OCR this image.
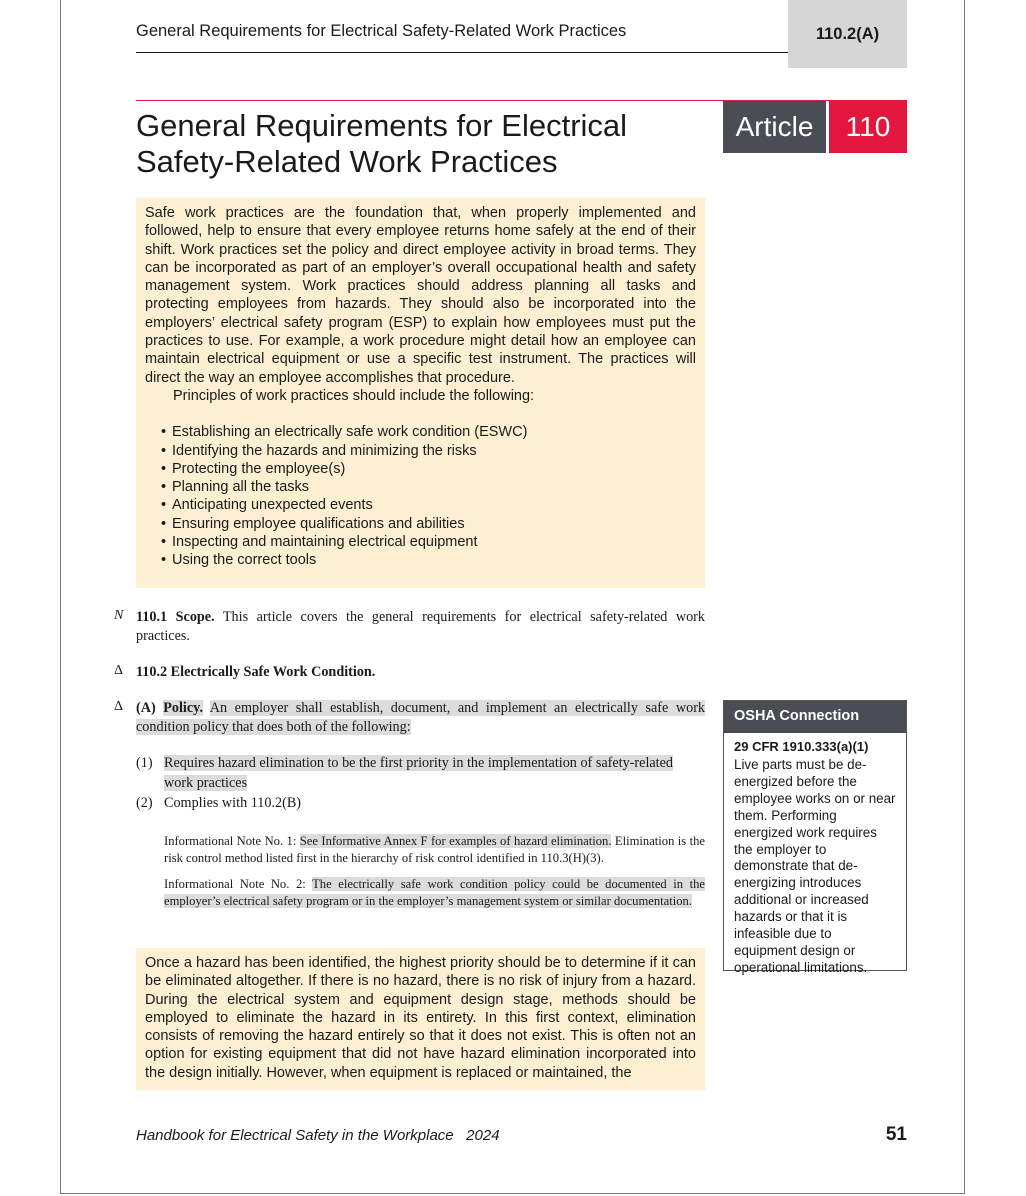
General Requirements for Electrical Safety-Related Work Practices	110.2(A)
General Requirements for Electrical
Safety-Related Work Practices
Article	110

Safe work practices are the foundation that, when properly implemented and followed, help to ensure that every employee returns home safely at the end of their shift. Work practices set the policy and direct employee activity in broad terms. They can be incorporated as part of an employer’s overall occupational health and safety management system. Work practices should address planning all tasks and protecting employees from hazards. They should also be incorporated into the employers’ electrical safety program (ESP) to explain how employees must put the practices to use. For example, a work procedure might detail how an employee can maintain electrical equipment or use a specific test instrument. The practices will direct the way an employee accomplishes that procedure.

Principles of work practices should include the following:

• Establishing an electrically safe work condition (ESWC)
• Identifying the hazards and minimizing the risks
• Protecting the employee(s)
• Planning all the tasks
• Anticipating unexpected events
• Ensuring employee qualifications and abilities
• Inspecting and maintaining electrical equipment
• Using the correct tools
N 110.1 Scope. This article covers the general requirements for electrical safety-related work practices.
Δ 110.2 Electrically Safe Work Condition.
Δ (A) Policy. An employer shall establish, document, and implement an electrically safe work condition policy that does both of the following:
(1) Requires hazard elimination to be the first priority in the implementation of safety-related work practices
(2) Complies with 110.2(B)
Informational Note No. 1: See Informative Annex F for examples of hazard elimination. Elimination is the risk control method listed first in the hierarchy of risk control identified in 110.3(H)(3).
Informational Note No. 2: The electrically safe work condition policy could be documented in the employer’s electrical safety program or in the employer’s management system or similar documentation.

Once a hazard has been identified, the highest priority should be to determine if it can be eliminated altogether. If there is no hazard, there is no risk of injury from a hazard. During the electrical system and equipment design stage, methods should be employed to eliminate the hazard in its entirety. In this first context, elimination consists of removing the hazard entirely so that it does not exist. This is often not an option for existing equipment that did not have hazard elimination incorporated into the design initially. However, when equipment is replaced or maintained, the

OSHA Connection
29 CFR 1910.333(a)(1)
Live parts must be de-energized before the employee works on or near them. Performing energized work requires the employer to demonstrate that de-energizing introduces additional or increased hazards or that it is infeasible due to equipment design or operational limitations.
Handbook for Electrical Safety in the Workplace 2024	51
